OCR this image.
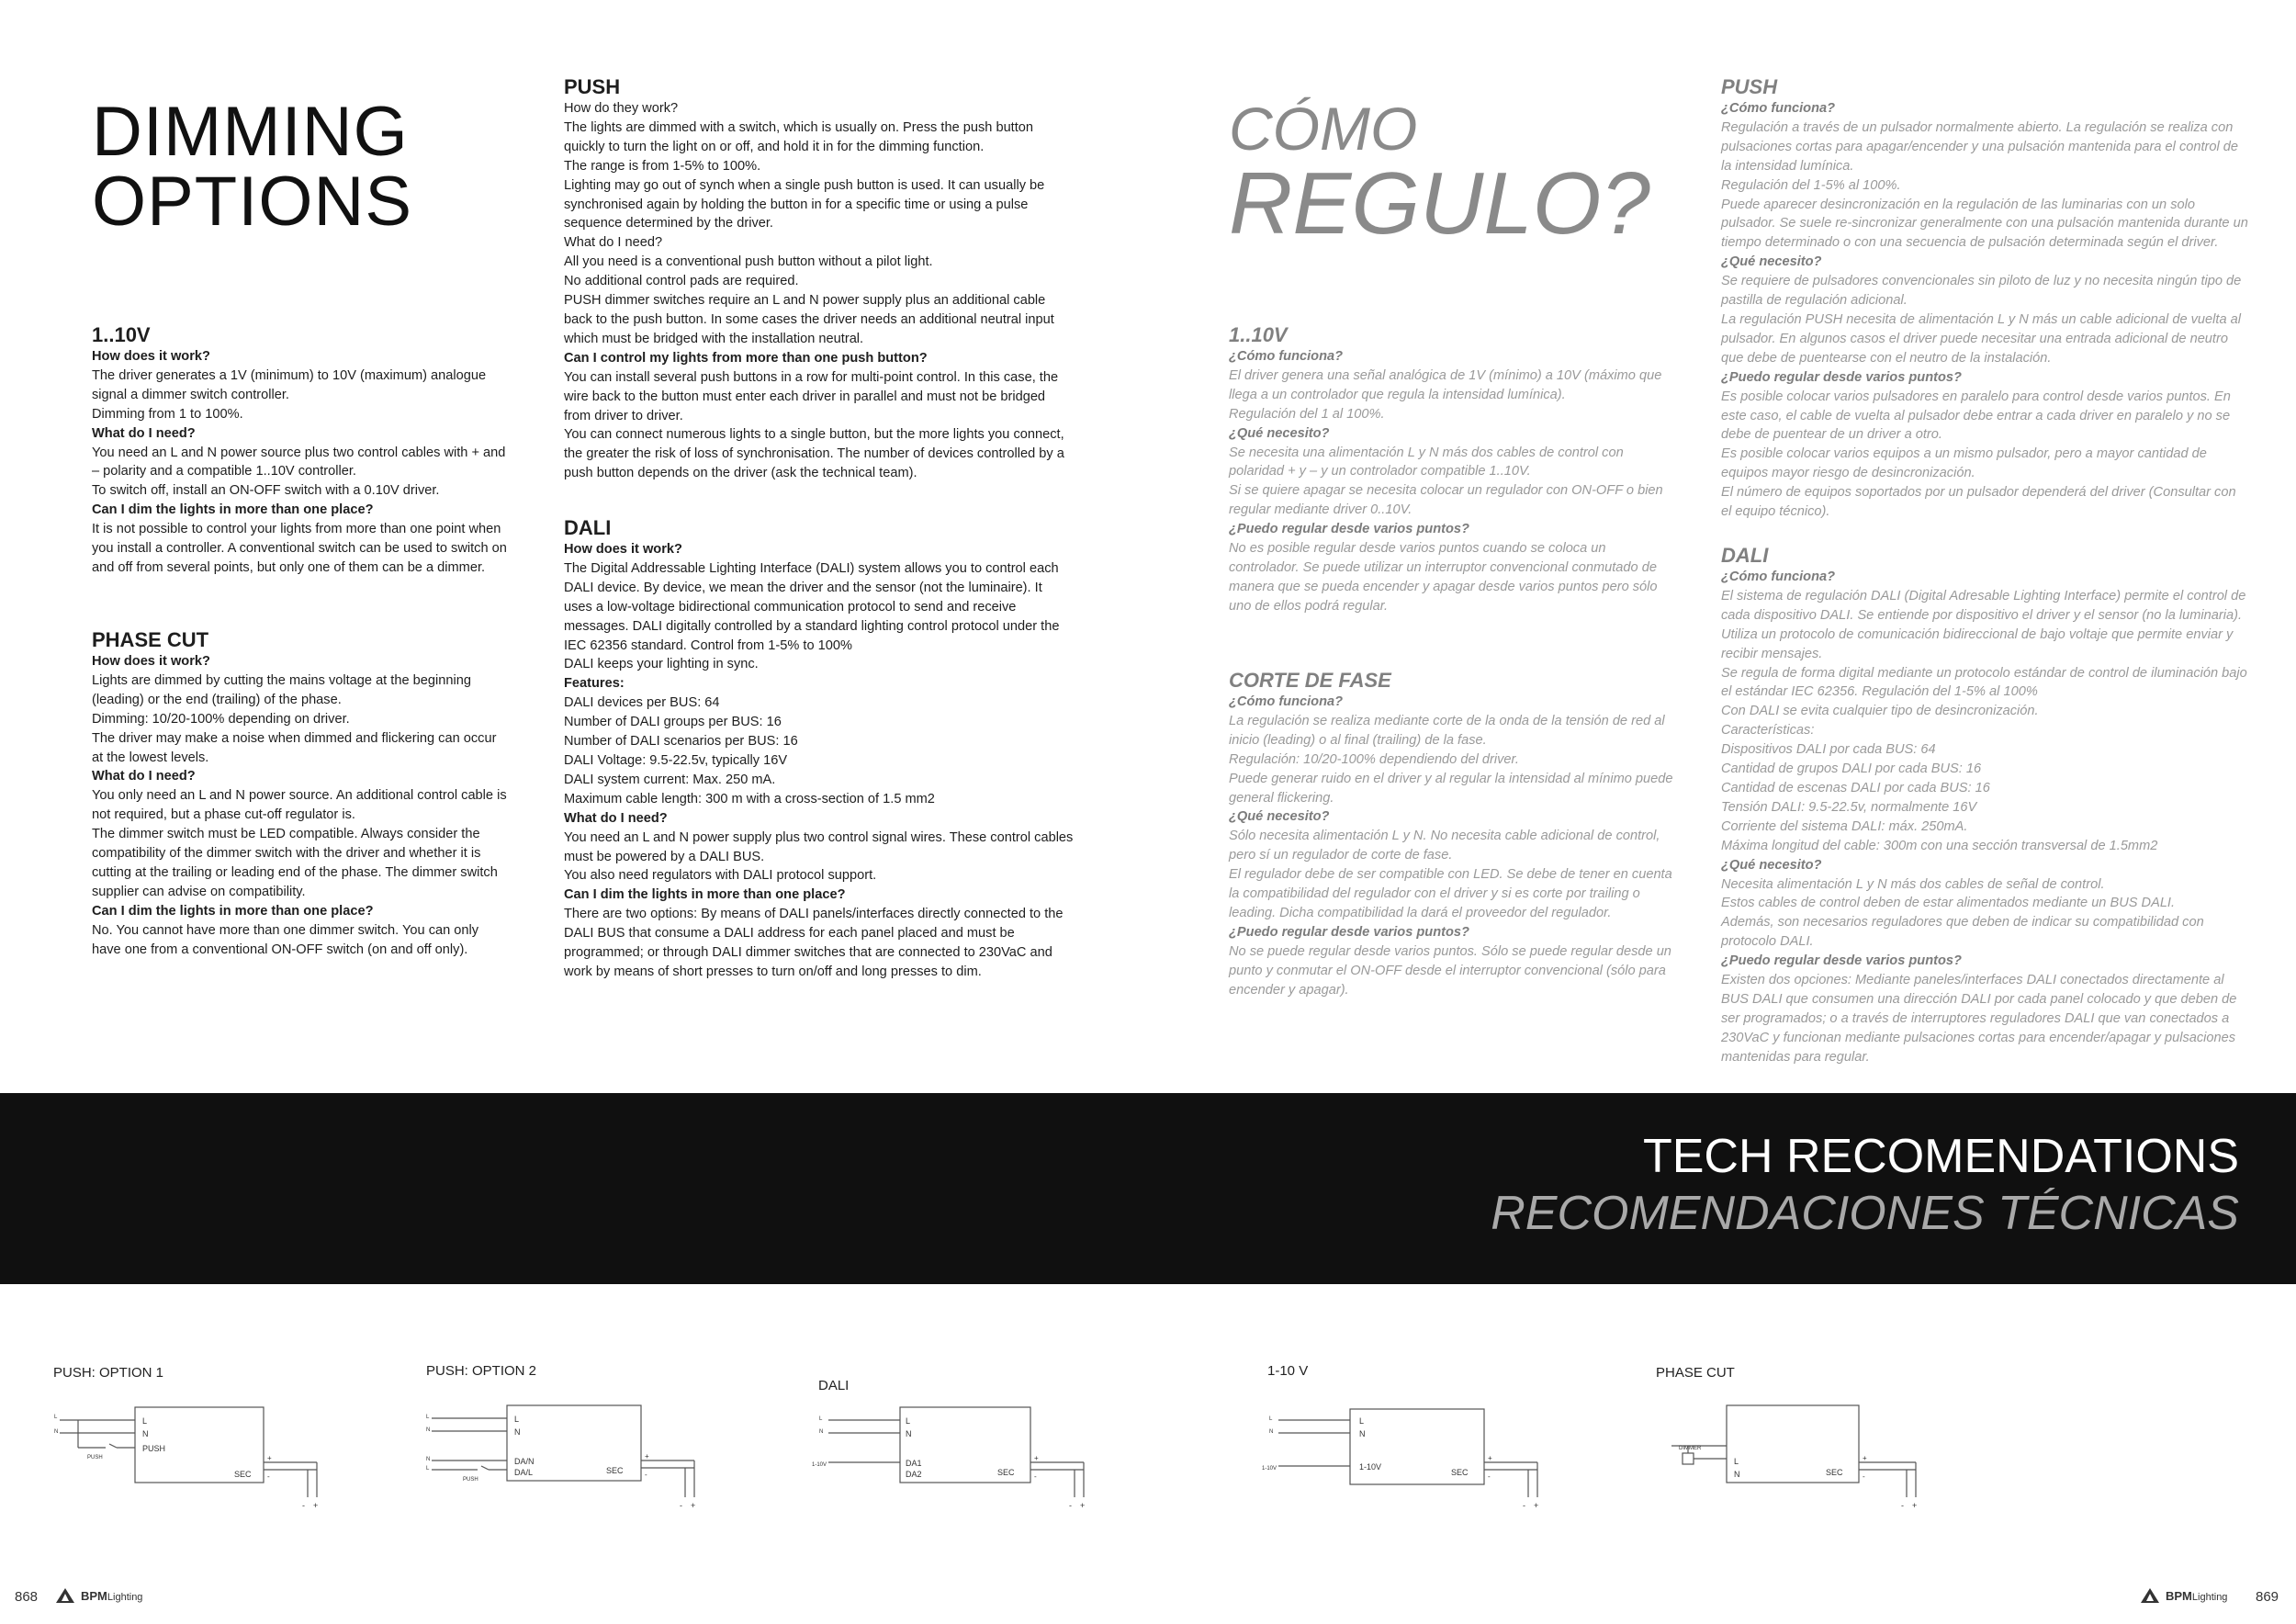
DIMMING
OPTIONS
CÓMO
REGULO?
1..10V

How does it work?

The driver generates a 1V (minimum) to 10V (maximum) analogue signal a dimmer switch controller.

Dimming from 1 to 100%.

What do I need?

You need an L and N power source plus two control cables with + and – polarity and a compatible 1..10V controller.

To switch off, install an ON-OFF switch with a 0.10V driver.

Can I dim the lights in more than one place?

It is not possible to control your lights from more than one point when you install a controller. A conventional switch can be used to switch on and off from several points, but only one of them can be a dimmer.

PHASE CUT

How does it work?

Lights are dimmed by cutting the mains voltage at the beginning (leading) or the end (trailing) of the phase.

Dimming: 10/20-100% depending on driver.

The driver may make a noise when dimmed and flickering can occur at the lowest levels.

What do I need?

You only need an L and N power source. An additional control cable is not required, but a phase cut-off regulator is.

The dimmer switch must be LED compatible. Always consider the compatibility of the dimmer switch with the driver and whether it is cutting at the trailing or leading end of the phase. The dimmer switch supplier can advise on compatibility.

Can I dim the lights in more than one place?

No. You cannot have more than one dimmer switch. You can only have one from a conventional ON-OFF switch (on and off only).

PUSH

How do they work?

The lights are dimmed with a switch, which is usually on. Press the push button quickly to turn the light on or off, and hold it in for the dimming function.

The range is from 1-5% to 100%.

Lighting may go out of synch when a single push button is used. It can usually be synchronised again by holding the button in for a specific time or using a pulse sequence determined by the driver.

What do I need?

All you need is a conventional push button without a pilot light.

No additional control pads are required.

PUSH dimmer switches require an L and N power supply plus an additional cable back to the push button. In some cases the driver needs an additional neutral input which must be bridged with the installation neutral.

Can I control my lights from more than one push button?

You can install several push buttons in a row for multi-point control. In this case, the wire back to the button must enter each driver in parallel and must not be bridged from driver to driver.

You can connect numerous lights to a single button, but the more lights you connect, the greater the risk of loss of synchronisation. The number of devices controlled by a push button depends on the driver (ask the technical team).

DALI

How does it work?

The Digital Addressable Lighting Interface (DALI) system allows you to control each DALI device. By device, we mean the driver and the sensor (not the luminaire). It uses a low-voltage bidirectional communication protocol to send and receive messages. DALI digitally controlled by a standard lighting control protocol under the IEC 62356 standard. Control from 1-5% to 100%

DALI keeps your lighting in sync.

Features:

DALI devices per BUS: 64

Number of DALI groups per BUS: 16

Number of DALI scenarios per BUS: 16

DALI Voltage: 9.5-22.5v, typically 16V

DALI system current: Max. 250 mA.

Maximum cable length: 300 m with a cross-section of 1.5 mm2

What do I need?

You need an L and N power supply plus two control signal wires. These control cables must be powered by a DALI BUS.

You also need regulators with DALI protocol support.

Can I dim the lights in more than one place?

There are two options: By means of DALI panels/interfaces directly connected to the DALI BUS that consume a DALI address for each panel placed and must be programmed; or through DALI dimmer switches that are connected to 230VaC and work by means of short presses to turn on/off and long presses to dim.

1..10V

¿Cómo funciona?

El driver genera una señal analógica de 1V (mínimo) a 10V (máximo que llega a un controlador que regula la intensidad lumínica).

Regulación del 1 al 100%.

¿Qué necesito?

Se necesita una alimentación L y N más dos cables de control con polaridad + y – y un controlador compatible 1..10V.

Si se quiere apagar se necesita colocar un regulador con ON-OFF o bien regular mediante driver 0..10V.

¿Puedo regular desde varios puntos?

No es posible regular desde varios puntos cuando se coloca un controlador. Se puede utilizar un interruptor convencional conmutado de manera que se pueda encender y apagar desde varios puntos pero sólo uno de ellos podrá regular.

CORTE DE FASE

¿Cómo funciona?

La regulación se realiza mediante corte de la onda de la tensión de red al inicio (leading) o al final (trailing) de la fase.

Regulación: 10/20-100% dependiendo del driver.

Puede generar ruido en el driver y al regular la intensidad al mínimo puede general flickering.

¿Qué necesito?

Sólo necesita alimentación L y N. No necesita cable adicional de control, pero sí un regulador de corte de fase.

El regulador debe de ser compatible con LED. Se debe de tener en cuenta la compatibilidad del regulador con el driver y si es corte por trailing o leading. Dicha compatibilidad la dará el proveedor del regulador.

¿Puedo regular desde varios puntos?

No se puede regular desde varios puntos. Sólo se puede regular desde un punto y conmutar el ON-OFF desde el interruptor convencional (sólo para encender y apagar).

PUSH

¿Cómo funciona?

Regulación a través de un pulsador normalmente abierto. La regulación se realiza con pulsaciones cortas para apagar/encender y una pulsación mantenida para el control de la intensidad lumínica.

Regulación del 1-5% al 100%.

Puede aparecer desincronización en la regulación de las luminarias con un solo pulsador. Se suele re-sincronizar generalmente con una pulsación mantenida durante un tiempo determinado o con una secuencia de pulsación determinada según el driver.

¿Qué necesito?

Se requiere de pulsadores convencionales sin piloto de luz y no necesita ningún tipo de pastilla de regulación adicional.

La regulación PUSH necesita de alimentación L y N más un cable adicional de vuelta al pulsador. En algunos casos el driver puede necesitar una entrada adicional de neutro que debe de puentearse con el neutro de la instalación.

¿Puedo regular desde varios puntos?

Es posible colocar varios pulsadores en paralelo para control desde varios puntos. En este caso, el cable de vuelta al pulsador debe entrar a cada driver en paralelo y no se debe de puentear de un driver a otro.

Es posible colocar varios equipos a un mismo pulsador, pero a mayor cantidad de equipos mayor riesgo de desincronización.

El número de equipos soportados por un pulsador dependerá del driver (Consultar con el equipo técnico).

DALI

¿Cómo funciona?

El sistema de regulación DALI (Digital Adresable Lighting Interface) permite el control de cada dispositivo DALI. Se entiende por dispositivo el driver y el sensor (no la luminaria). Utiliza un protocolo de comunicación bidireccional de bajo voltaje que permite enviar y recibir mensajes.

Se regula de forma digital mediante un protocolo estándar de control de iluminación bajo el estándar IEC 62356. Regulación del 1-5% al 100%

Con DALI se evita cualquier tipo de desincronización.

Características:

Dispositivos DALI por cada BUS: 64

Cantidad de grupos DALI por cada BUS: 16

Cantidad de escenas DALI por cada BUS: 16

Tensión DALI: 9.5-22.5v, normalmente 16V

Corriente del sistema DALI: máx. 250mA.

Máxima longitud del cable: 300m con una sección transversal de 1.5mm2

¿Qué necesito?

Necesita alimentación L y N más dos cables de señal de control.

Estos cables de control deben de estar alimentados mediante un BUS DALI.

Además, son necesarios reguladores que deben de indicar su compatibilidad con protocolo DALI.

¿Puedo regular desde varios puntos?

Existen dos opciones: Mediante paneles/interfaces DALI conectados directamente al BUS DALI que consumen una dirección DALI por cada panel colocado y que deben de ser programados; o a través de interruptores reguladores DALI que van conectados a 230VaC y funcionan mediante pulsaciones cortas para encender/apagar y pulsaciones mantenidas para regular.

TECH RECOMENDATIONS
RECOMENDACIONES TÉCNICAS
PUSH: OPTION 1	PUSH: OPTION 2
DALI
1-10 V	PHASE CUT
L
N
PUSH
SEC
L
N
PUSH	+
-
- +
L
N
DA/N
DA/L	SEC
L
N
N
L
PUSH
+
-
- +
L
N
DA1
DA2	SEC
L
N
1-10V
+
-
- +
L
N
1-10V
SEC
L
N
1-10V
+
-
- +
L
N	SEC
DIMMER
+
-
- +
868	BPMLighting	BPMLighting 869
